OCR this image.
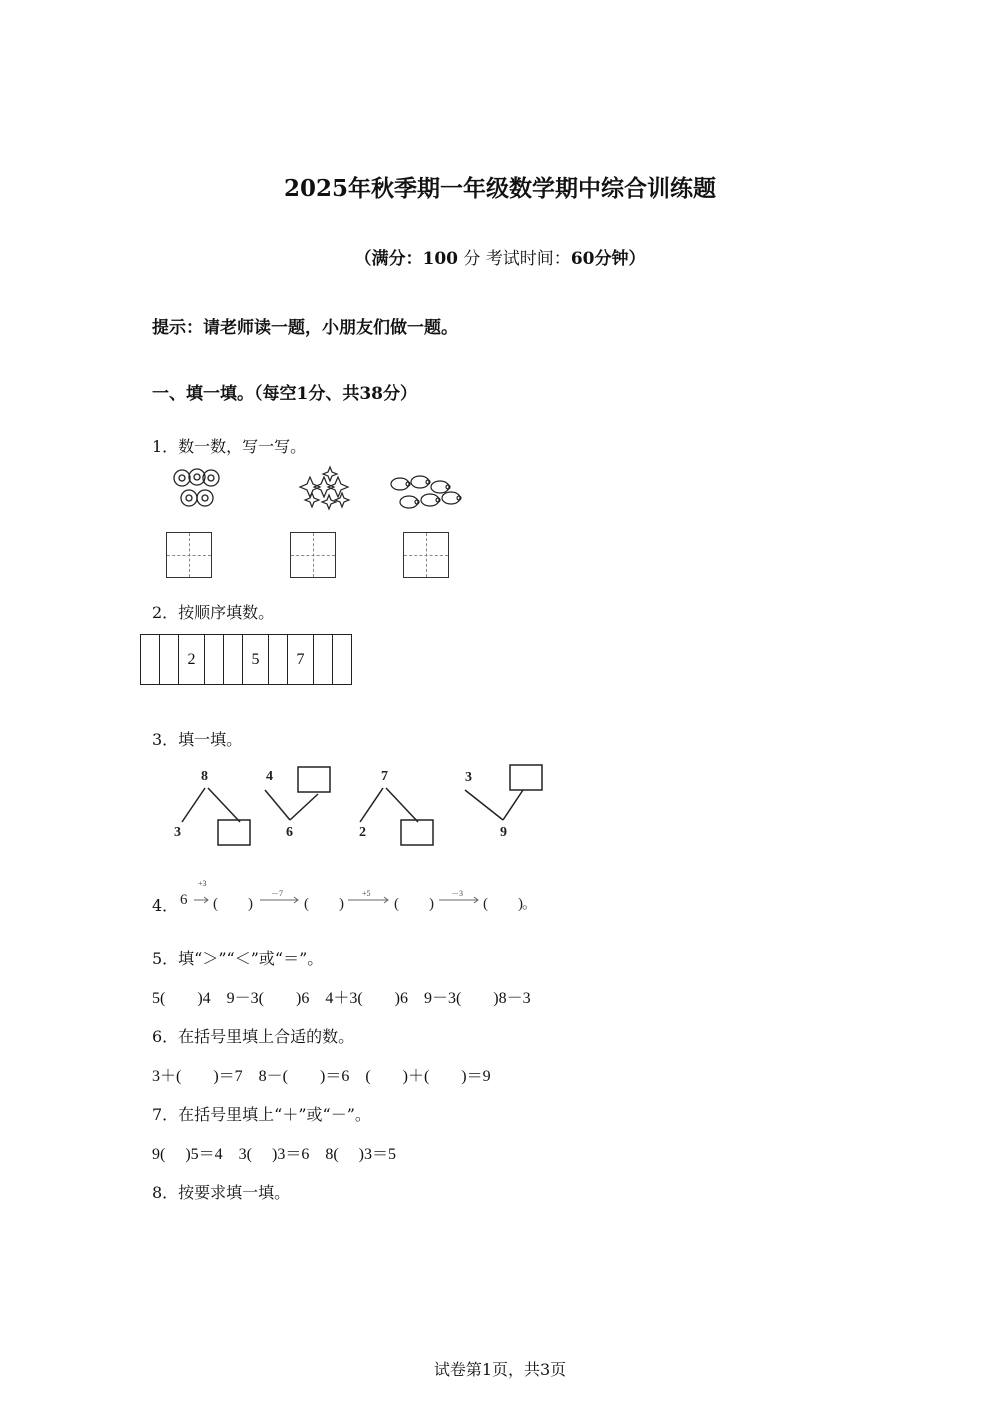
2025年秋季期一年级数学期中综合训练题
（满分：100 分 考试时间：60分钟）
提示：请老师读一题，小朋友们做一题。
一、填一填。（每空1分、共38分）
1．数一数，写一写。
2．按顺序填数。
		2			5		7		
3．填一填。
8
3
4
6
7
2
3
9
4． 6 (　　)	(　　)	(　　)	(　　) 。
+3
－7	+5	－3
5．填“＞”“＜”或“＝”。
5(　　)4　9－3(　　)6　4＋3(　　)6　9－3(　　)8－3
6．在括号里填上合适的数。
3＋(　　)＝7　8－(　　)＝6　(　　)＋(　　)＝9
7．在括号里填上“＋”或“－”。
9(　 )5＝4　3(　 )3＝6　8(　 )3＝5
8．按要求填一填。
试卷第1页，共3页
